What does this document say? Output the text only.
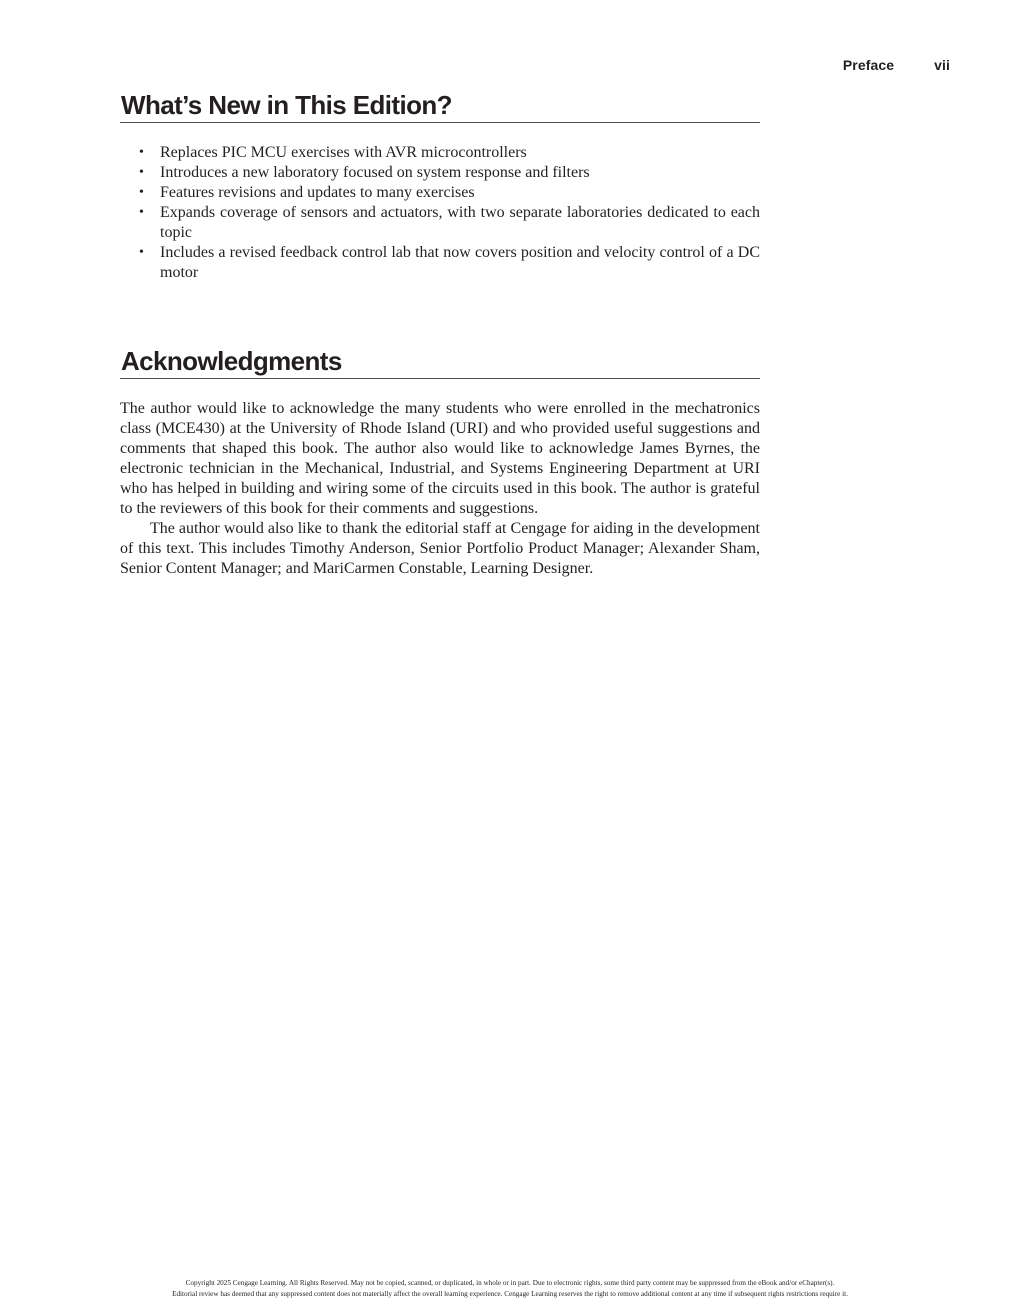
Preface	vii
What’s New in This Edition?
• Replaces PIC MCU exercises with AVR microcontrollers
• Introduces a new laboratory focused on system response and filters
• Features revisions and updates to many exercises
• Expands coverage of sensors and actuators, with two separate laboratories dedicated to each topic
• Includes a revised feedback control lab that now covers position and velocity control of a DC motor
Acknowledgments

The author would like to acknowledge the many students who were enrolled in the mechatronics class (MCE430) at the University of Rhode Island (URI) and who provided useful suggestions and comments that shaped this book. The author also would like to acknowledge James Byrnes, the electronic technician in the Mechanical, Industrial, and Systems Engineering Department at URI who has helped in building and wiring some of the circuits used in this book. The author is grateful to the reviewers of this book for their comments and suggestions.

The author would also like to thank the editorial staff at Cengage for aiding in the development of this text. This includes Timothy Anderson, Senior Portfolio Product Manager; Alexander Sham, Senior Content Manager; and MariCarmen Constable, Learning Designer.

Copyright 2025 Cengage Learning. All Rights Reserved. May not be copied, scanned, or duplicated, in whole or in part. Due to electronic rights, some third party content may be suppressed from the eBook and/or eChapter(s).
Editorial review has deemed that any suppressed content does not materially affect the overall learning experience. Cengage Learning reserves the right to remove additional content at any time if subsequent rights restrictions require it.
